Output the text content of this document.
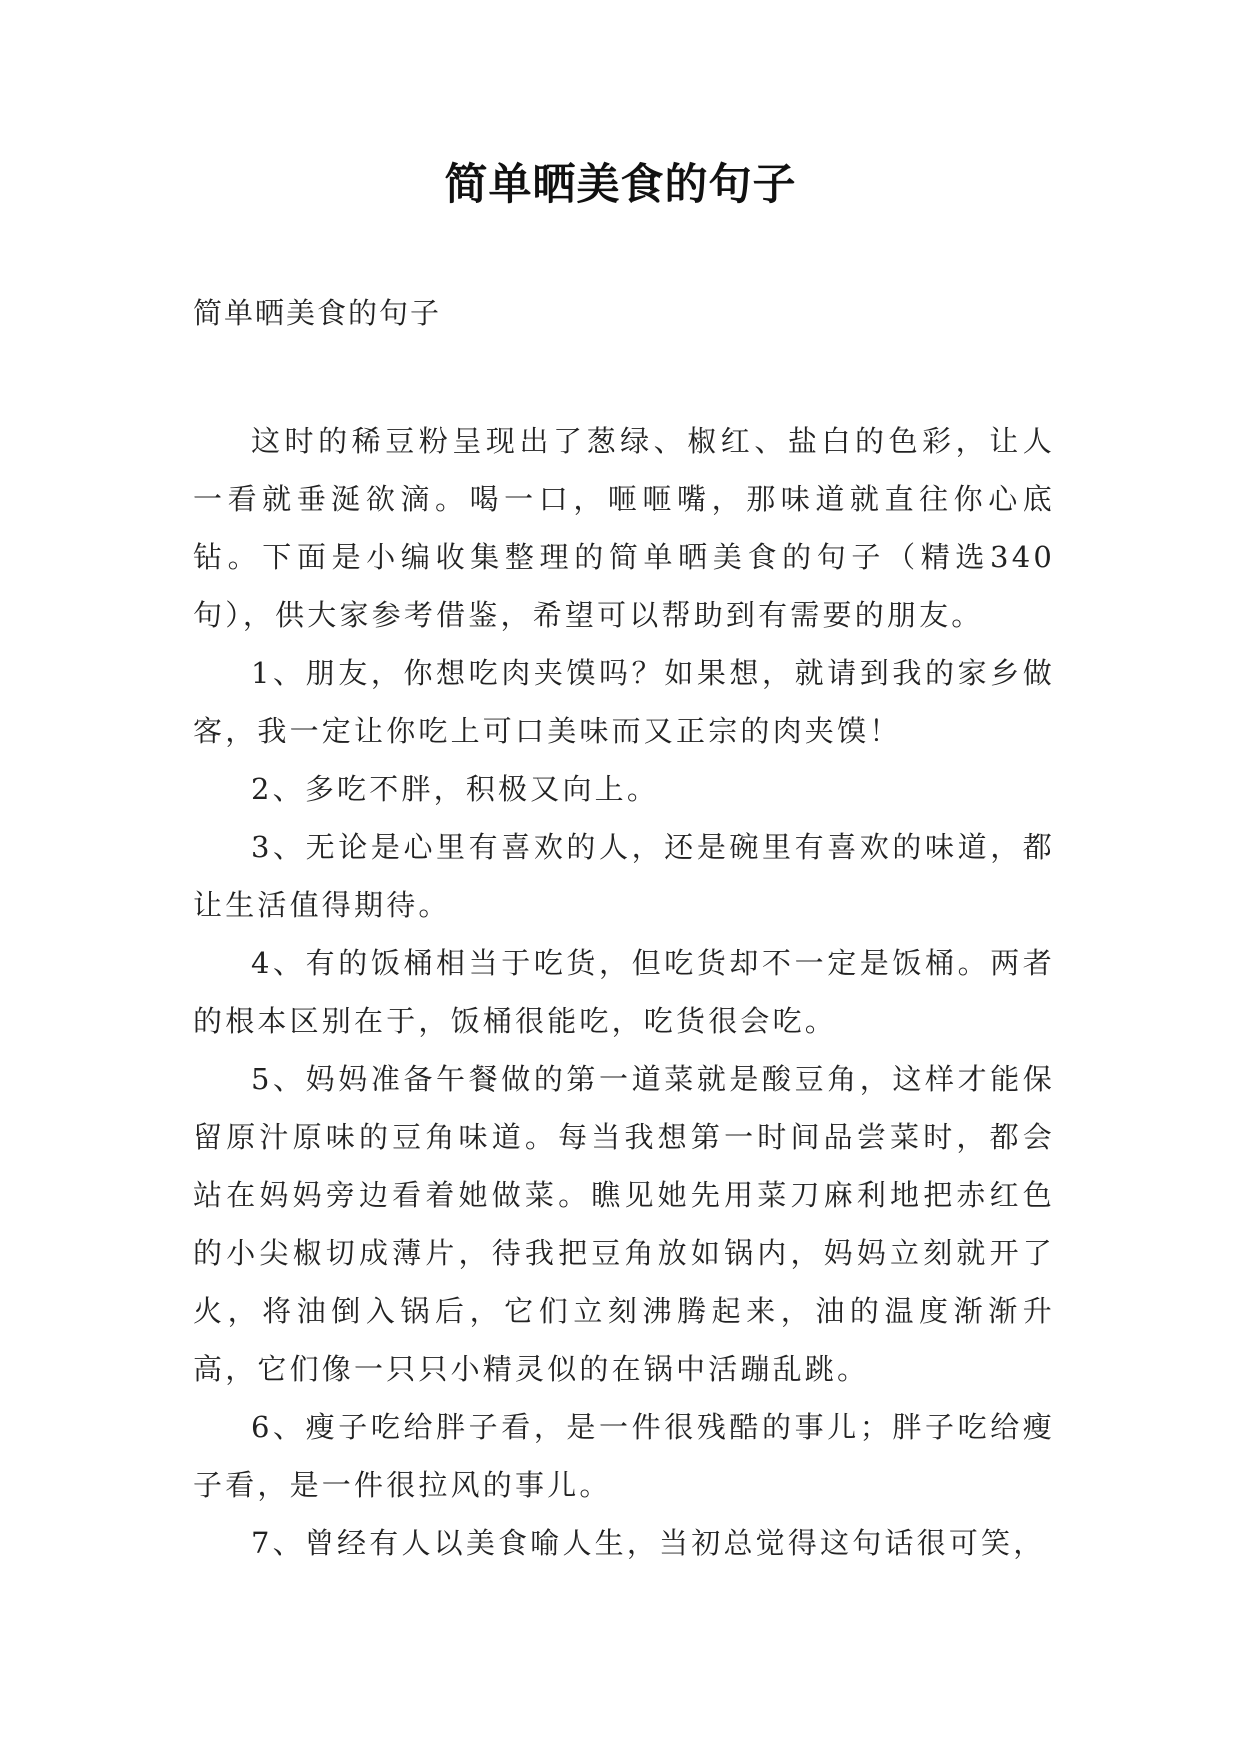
简单晒美食的句子
简单晒美食的句子

这时的稀豆粉呈现出了葱绿、椒红、盐白的色彩，让人一看就垂涎欲滴。喝一口，咂咂嘴，那味道就直往你心底钻。下面是小编收集整理的简单晒美食的句子（精选340句），供大家参考借鉴，希望可以帮助到有需要的朋友。

1、朋友，你想吃肉夹馍吗？如果想，就请到我的家乡做客，我一定让你吃上可口美味而又正宗的肉夹馍！

2、多吃不胖，积极又向上。

3、无论是心里有喜欢的人，还是碗里有喜欢的味道，都让生活值得期待。

4、有的饭桶相当于吃货，但吃货却不一定是饭桶。两者的根本区别在于，饭桶很能吃，吃货很会吃。

5、妈妈准备午餐做的第一道菜就是酸豆角，这样才能保留原汁原味的豆角味道。每当我想第一时间品尝菜时，都会站在妈妈旁边看着她做菜。瞧见她先用菜刀麻利地把赤红色的小尖椒切成薄片，待我把豆角放如锅内，妈妈立刻就开了火，将油倒入锅后，它们立刻沸腾起来，油的温度渐渐升高，它们像一只只小精灵似的在锅中活蹦乱跳。

6、瘦子吃给胖子看，是一件很残酷的事儿；胖子吃给瘦子看，是一件很拉风的事儿。

7、曾经有人以美食喻人生，当初总觉得这句话很可笑，
